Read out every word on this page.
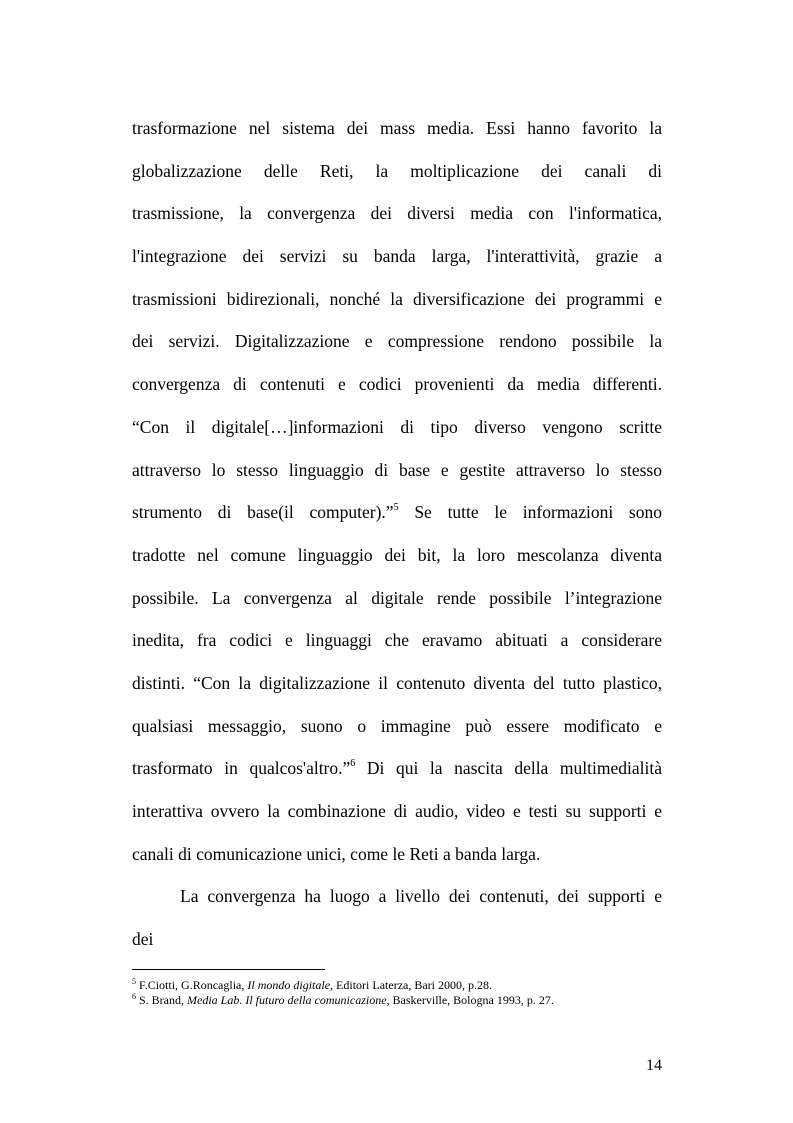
trasformazione nel sistema dei mass media. Essi hanno favorito la
globalizzazione delle Reti, la moltiplicazione dei canali di
trasmissione, la convergenza dei diversi media con l'informatica,
l'integrazione dei servizi su banda larga, l'interattività, grazie a
trasmissioni bidirezionali, nonché la diversificazione dei programmi e
dei servizi. Digitalizzazione e compressione rendono possibile la
convergenza di contenuti e codici provenienti da media differenti.
“Con il digitale[…]informazioni di tipo diverso vengono scritte
attraverso lo stesso linguaggio di base e gestite attraverso lo stesso
strumento di base(il computer).”$^5$ Se tutte le informazioni sono
tradotte nel comune linguaggio dei bit, la loro mescolanza diventa
possibile. La convergenza al digitale rende possibile l’integrazione
inedita, fra codici e linguaggi che eravamo abituati a considerare
distinti. “Con la digitalizzazione il contenuto diventa del tutto plastico,
qualsiasi messaggio, suono o immagine può essere modificato e
trasformato in qualcos'altro.”$^6$ Di qui la nascita della multimedialità
interattiva ovvero la combinazione di audio, video e testi su supporti e
canali di comunicazione unici, come le Reti a banda larga.
La convergenza ha luogo a livello dei contenuti, dei supporti e
dei
$^5$ F.Ciotti, G.Roncaglia, Il mondo digitale, Editori Laterza, Bari 2000, p.28.
$^6$ S. Brand, Media Lab. Il futuro della comunicazione, Baskerville, Bologna 1993, p. 27.
14
